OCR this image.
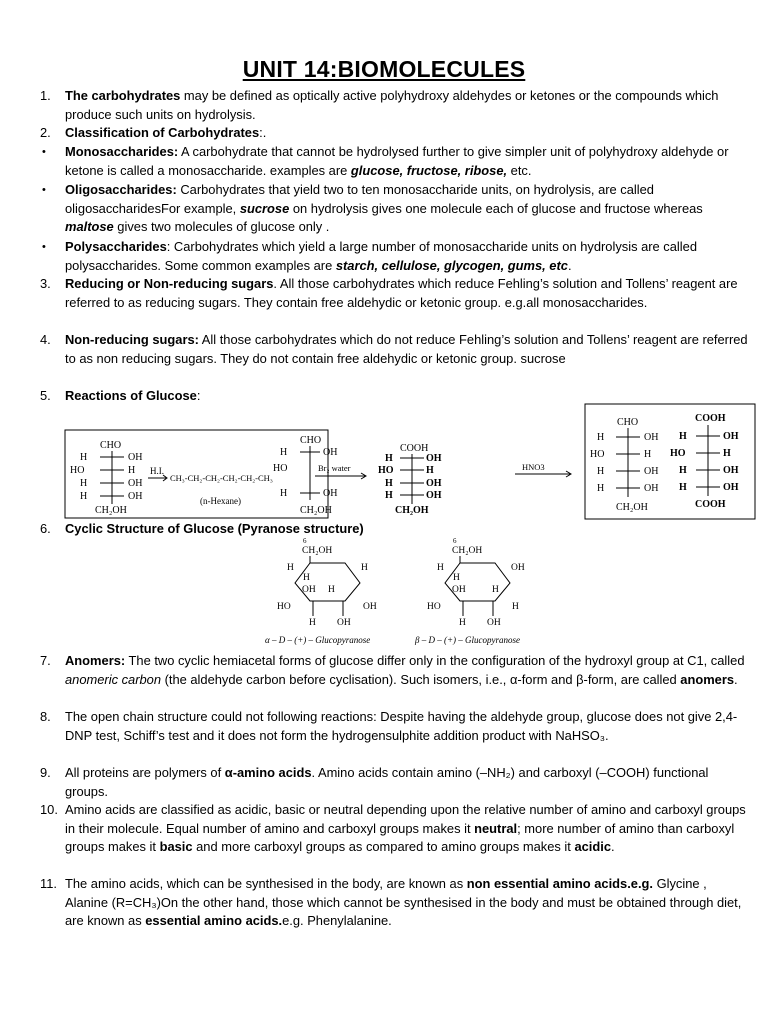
UNIT 14:BIOMOLECULES
1. The carbohydrates may be defined as optically active polyhydroxy aldehydes or ketones or the compounds which produce such units on hydrolysis.
2. Classification of Carbohydrates:.
• Monosaccharides: A carbohydrate that cannot be hydrolysed further to give simpler unit of polyhydroxy aldehyde or ketone is called a monosaccharide. examples are glucose, fructose, ribose, etc.
• Oligosaccharides: Carbohydrates that yield two to ten monosaccharide units, on hydrolysis, are called oligosaccharidesFor example, sucrose on hydrolysis gives one molecule each of glucose and fructose whereas maltose gives two molecules of glucose only .
• Polysaccharides: Carbohydrates which yield a large number of monosaccharide units on hydrolysis are called polysaccharides. Some common examples are starch, cellulose, glycogen, gums, etc.
3. Reducing or Non-reducing sugars. All those carbohydrates which reduce Fehling’s solution and Tollens’ reagent are referred to as reducing sugars. They contain free aldehydic or ketonic group. e.g.all monosaccharides.
4. Non-reducing sugars: All those carbohydrates which do not reduce Fehling’s solution and Tollens’ reagent are referred to as non reducing sugars. They do not contain free aldehydic or ketonic group. sucrose
5. Reactions of Glucose:
CHO
H	OH
HO	H
H	OH
H	OH
CH₂OH
H.I.
CH₃-CH₂-CH₂-CH₂-CH₂-CH₃
(n-Hexane)
CHO
H	OH
HO	Br₂ water
H	OH
CH₂OH
COOH
H	OH
HO	H
H	OH
H	OH
CH₂OH
HNO3
CHO
H	OH
HO	H
H	OH
H	OH
CH₂OH
COOH
H	OH
HO	H
H	OH
H	OH
COOH
6. Cyclic Structure of Glucose (Pyranose structure)
6
CH₂OH
H
H
OH H
H
HO	OH
H OH
α – D – (+) – Glucopyranose
6
CH₂OH
H
H
OH	H
OH
HO	H
H OH
β – D – (+) – Glucopyranose
7. Anomers: The two cyclic hemiacetal forms of glucose differ only in the configuration of the hydroxyl group at C1, called anomeric carbon (the aldehyde carbon before cyclisation). Such isomers, i.e., α-form and β-form, are called anomers.
8. The open chain structure could not following reactions: Despite having the aldehyde group, glucose does not give 2,4-DNP test, Schiff’s test and it does not form the hydrogensulphite addition product with NaHSO₃.
9. All proteins are polymers of α-amino acids. Amino acids contain amino (–NH₂) and carboxyl (–COOH) functional groups.
10. Amino acids are classified as acidic, basic or neutral depending upon the relative number of amino and carboxyl groups in their molecule. Equal number of amino and carboxyl groups makes it neutral; more number of amino than carboxyl groups makes it basic and more carboxyl groups as compared to amino groups makes it acidic.
11. The amino acids, which can be synthesised in the body, are known as non essential amino acids.e.g. Glycine , Alanine (R=CH₃)On the other hand, those which cannot be synthesised in the body and must be obtained through diet, are known as essential amino acids.e.g. Phenylalanine.
